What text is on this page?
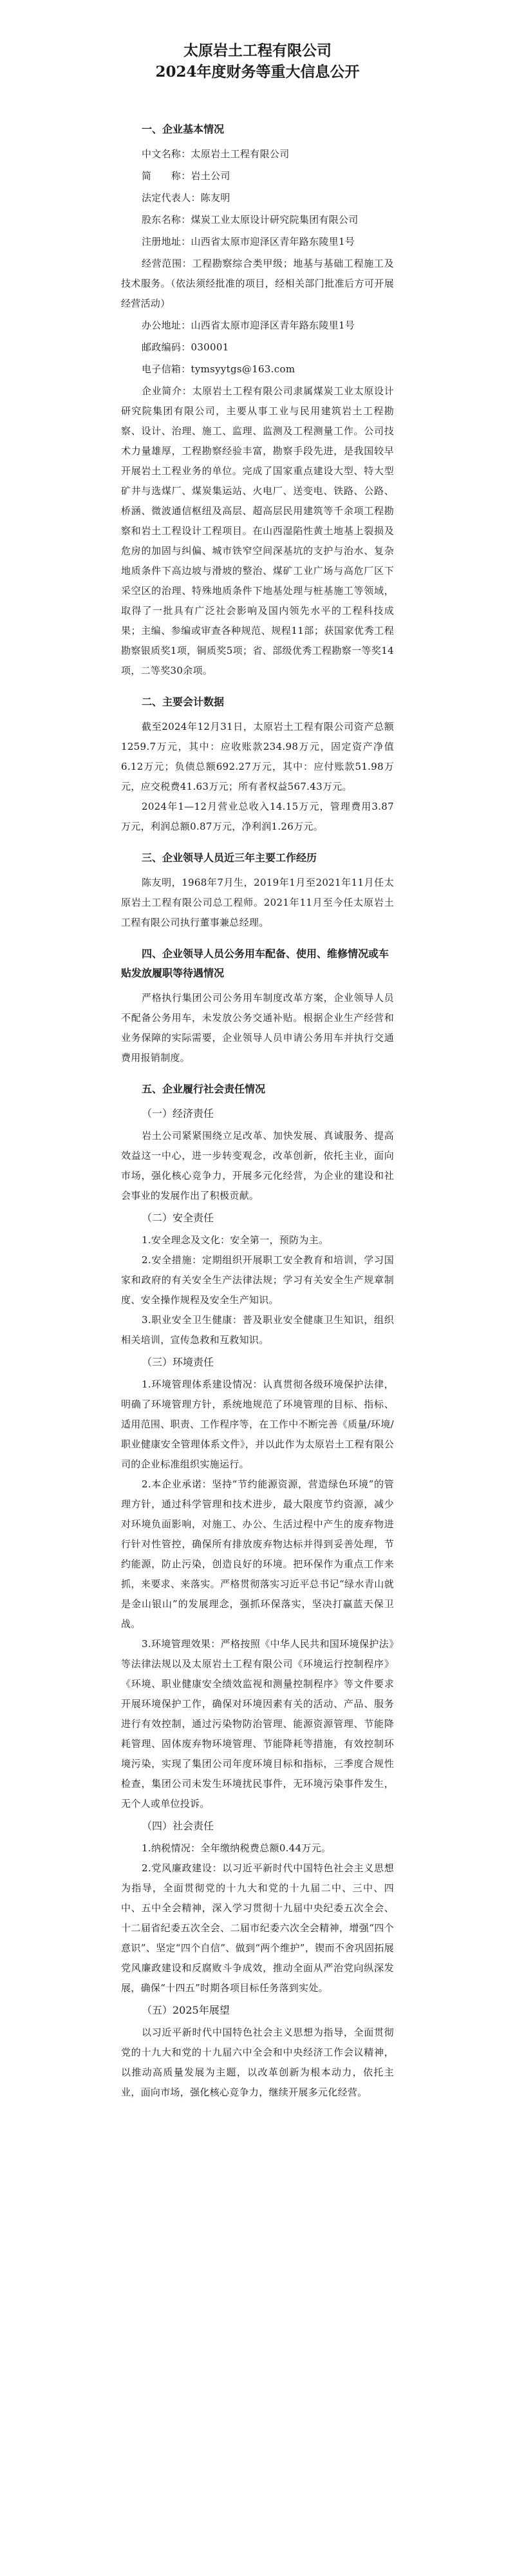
太原岩土工程有限公司
2024年度财务等重大信息公开
一、企业基本情况

中文名称：太原岩土工程有限公司

简　　称：岩土公司

法定代表人：陈友明

股东名称：煤炭工业太原设计研究院集团有限公司

注册地址：山西省太原市迎泽区青年路东陵里1号

经营范围：工程勘察综合类甲级；地基与基础工程施工及技术服务。（依法须经批准的项目，经相关部门批准后方可开展经营活动）

办公地址：山西省太原市迎泽区青年路东陵里1号

邮政编码：030001

电子信箱：tymsyytgs@163.com

企业简介：太原岩土工程有限公司隶属煤炭工业太原设计研究院集团有限公司，主要从事工业与民用建筑岩土工程勘察、设计、治理、施工、监理、监测及工程测量工作。公司技术力量雄厚，工程勘察经验丰富，勘察手段先进，是我国较早开展岩土工程业务的单位。完成了国家重点建设大型、特大型矿井与选煤厂、煤炭集运站、火电厂、送变电、铁路、公路、桥涵、微波通信枢纽及高层、超高层民用建筑等千余项工程勘察和岩土工程设计工程项目。在山西湿陷性黄土地基上裂损及危房的加固与纠偏、城市铁窄空间深基坑的支护与治水、复杂地质条件下高边坡与滑坡的整治、煤矿工业广场与高危厂区下采空区的治理、特殊地质条件下地基处理与桩基施工等领域，取得了一批具有广泛社会影响及国内领先水平的工程科技成果；主编、参编或审查各种规范、规程11部；获国家优秀工程勘察银质奖1项，铜质奖5项；省、部级优秀工程勘察一等奖14项，二等奖30余项。

二、主要会计数据

截至2024年12月31日，太原岩土工程有限公司资产总额1259.7万元，其中：应收账款234.98万元，固定资产净值6.12万元；负债总额692.27万元，其中：应付账款51.98万元，应交税费41.63万元；所有者权益567.43万元。

2024年1—12月营业总收入14.15万元，管理费用3.87万元，利润总额0.87万元，净利润1.26万元。

三、企业领导人员近三年主要工作经历

陈友明，1968年7月生，2019年1月至2021年11月任太原岩土工程有限公司总工程师。2021年11月至今任太原岩土工程有限公司执行董事兼总经理。

四、企业领导人员公务用车配备、使用、维修情况或车贴发放履职等待遇情况

严格执行集团公司公务用车制度改革方案，企业领导人员不配备公务用车，未发放公务交通补贴。根据企业生产经营和业务保障的实际需要，企业领导人员申请公务用车并执行交通费用报销制度。

五、企业履行社会责任情况
（一）经济责任

岩土公司紧紧围绕立足改革、加快发展、真诚服务、提高效益这一中心，进一步转变观念，改革创新，依托主业，面向市场，强化核心竞争力，开展多元化经营，为企业的建设和社会事业的发展作出了积极贡献。

（二）安全责任

1.安全理念及文化：安全第一，预防为主。

2.安全措施：定期组织开展职工安全教育和培训，学习国家和政府的有关安全生产法律法规；学习有关安全生产规章制度、安全操作规程及安全生产知识。

3.职业安全卫生健康：普及职业安全健康卫生知识，组织相关培训，宣传急救和互救知识。

（三）环境责任

1.环境管理体系建设情况：认真贯彻各级环境保护法律，明确了环境管理方针，系统地规范了环境管理的目标、指标、适用范围、职责、工作程序等，在工作中不断完善《质量/环境/职业健康安全管理体系文件》，并以此作为太原岩土工程有限公司的企业标准组织实施运行。

2.本企业承诺：坚持“节约能源资源，营造绿色环境”的管理方针，通过科学管理和技术进步，最大限度节约资源，减少对环境负面影响，对施工、办公、生活过程中产生的废弃物进行针对性管控，确保所有排放废弃物达标并得到妥善处理，节约能源，防止污染，创造良好的环境。把环保作为重点工作来抓，来要求、来落实。严格贯彻落实习近平总书记“绿水青山就是金山银山”的发展理念，强抓环保落实，坚决打赢蓝天保卫战。

3.环境管理效果：严格按照《中华人民共和国环境保护法》等法律法规以及太原岩土工程有限公司《环境运行控制程序》《环境、职业健康安全绩效监视和测量控制程序》等文件要求开展环境保护工作，确保对环境因素有关的活动、产品、服务进行有效控制，通过污染物防治管理、能源资源管理、节能降耗管理、固体废弃物环境管理、节能降耗等措施，有效控制环境污染，实现了集团公司年度环境目标和指标，三季度合规性检查，集团公司未发生环境扰民事件，无环境污染事件发生，无个人或单位投诉。

（四）社会责任

1.纳税情况：全年缴纳税费总额0.44万元。

2.党风廉政建设：以习近平新时代中国特色社会主义思想为指导，全面贯彻党的十九大和党的十九届二中、三中、四中、五中全会精神，深入学习贯彻十九届中央纪委五次全会、十二届省纪委五次全会、二届市纪委六次全会精神，增强“四个意识”、坚定“四个自信”、做到“两个维护”，锲而不舍巩固拓展党风廉政建设和反腐败斗争成效，推动全面从严治党向纵深发展，确保“十四五”时期各项目标任务落到实处。

（五）2025年展望

以习近平新时代中国特色社会主义思想为指导，全面贯彻党的十九大和党的十九届六中全会和中央经济工作会议精神，以推动高质量发展为主题，以改革创新为根本动力，依托主业，面向市场，强化核心竞争力，继续开展多元化经营。
